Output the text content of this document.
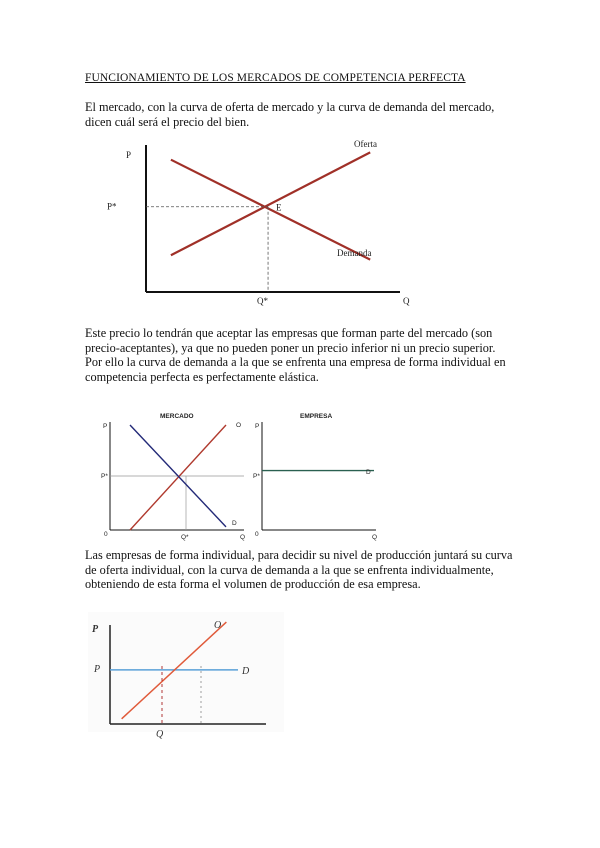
FUNCIONAMIENTO DE LOS MERCADOS DE COMPETENCIA PERFECTA
El mercado, con la curva de oferta de mercado y la curva de demanda del mercado, dicen cuál será el precio del bien.
Este precio lo tendrán que aceptar las empresas que forman parte del mercado (son precio-aceptantes), ya que no pueden poner un precio inferior ni un precio superior. Por ello la curva de demanda a la que se enfrenta una empresa de forma individual en competencia perfecta es perfectamente elástica.
Las empresas de forma individual, para decidir su nivel de producción juntará su curva de oferta individual, con la curva de demanda a la que se enfrenta individualmente, obteniendo de esta forma el volumen de producción de esa empresa.
P
Q
Oferta
Demanda
E
P*
Q*
MERCADO
P
Q
0
O
D
P*
Q*
EMPRESA
P
Q
0
D
P*
P	O
D
P
Q
